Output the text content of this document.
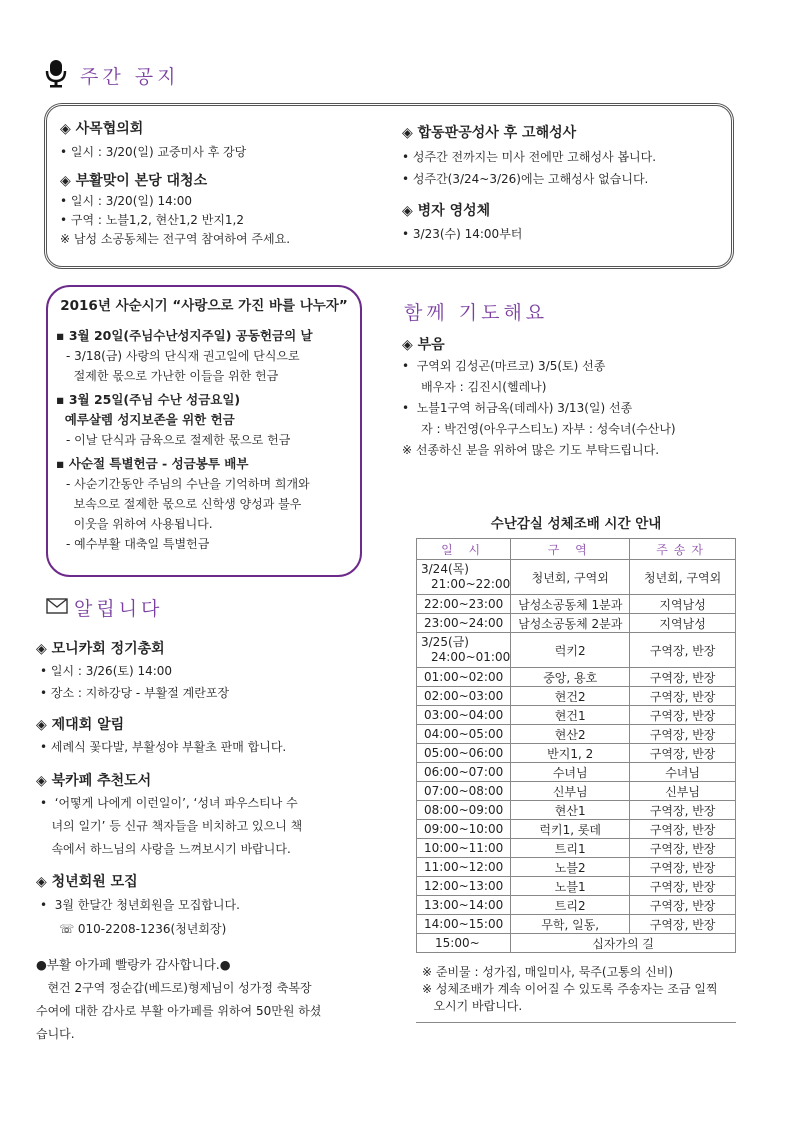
주간 공지
◈ 사목협의회
• 일시 : 3/20(일) 교중미사 후 강당
◈ 부활맞이 본당 대청소
• 일시 : 3/20(일) 14:00
• 구역 : 노블1,2, 현산1,2 반지1,2
※ 남성 소공동체는 전구역 참여하여 주세요.
◈ 합동판공성사 후 고해성사
• 성주간 전까지는 미사 전에만 고해성사 봅니다.
• 성주간(3/24~3/26)에는 고해성사 없습니다.
◈ 병자 영성체
• 3/23(수) 14:00부터
2016년 사순시기 “사랑으로 가진 바를 나누자”
▪ 3월 20일(주님수난성지주일) 공동헌금의 날
- 3/18(금) 사랑의 단식재 권고일에 단식으로
절제한 몫으로 가난한 이들을 위한 헌금
▪ 3월 25일(주님 수난 성금요일)
예루살렘 성지보존을 위한 헌금
- 이날 단식과 금육으로 절제한 몫으로 헌금
▪ 사순절 특별헌금 - 성금봉투 배부
- 사순기간동안 주님의 수난을 기억하며 희개와
보속으로 절제한 몫으로 신학생 양성과 불우
이웃을 위하여 사용됩니다.
- 예수부활 대축일 특별헌금
함께 기도해요
◈ 부음
•  구역외 김성곤(마르코) 3/5(토) 선종
배우자 : 김진시(헬레나)
•  노블1구역 허금옥(데레사) 3/13(일) 선종
자 : 박건영(아우구스티노) 자부 : 성숙녀(수산나)
※ 선종하신 분을 위하여 많은 기도 부탁드립니다.
알립니다
◈ 모니카회 정기총회
• 일시 : 3/26(토) 14:00
• 장소 : 지하강당 - 부활절 계란포장
◈ 제대회 알림
• 세례식 꽃다발, 부활성야 부활초 판매 합니다.
◈ 북카페 추천도서
•  ‘어떻게 나에게 이런일이’, ‘성녀 파우스티나 수
녀의 일기’ 등 신규 책자들을 비치하고 있으니 책
속에서 하느님의 사랑을 느껴보시기 바랍니다.
◈ 청년회원 모집
•  3월 한달간 청년회원을 모집합니다.
☏ 010-2208-1236(청년회장)
●부활 아가페 빨랑카 감사합니다.●
현건 2구역 정순갑(베드로)형제님이 성가정 축복장
수여에 대한 감사로 부활 아가페를 위하여 50만원 하셨
습니다.
수난감실 성체조배 시간 안내
일 시	구 역	주송자

3/24(목)
21:00~22:00	청년회, 구역외	청년회, 구역외
22:00~23:00	남성소공동체 1분과	지역남성
23:00~24:00	남성소공동체 2분과	지역남성

3/25(금)
24:00~01:00	럭키2	구역장, 반장
01:00~02:00	중앙, 용호	구역장, 반장
02:00~03:00	현건2	구역장, 반장
03:00~04:00	현건1	구역장, 반장
04:00~05:00	현산2	구역장, 반장
05:00~06:00	반지1, 2	구역장, 반장
06:00~07:00	수녀님	수녀님
07:00~08:00	신부님	신부님
08:00~09:00	현산1	구역장, 반장
09:00~10:00	럭키1, 롯데	구역장, 반장
10:00~11:00	트리1	구역장, 반장
11:00~12:00	노블2	구역장, 반장
12:00~13:00	노블1	구역장, 반장
13:00~14:00	트리2	구역장, 반장
14:00~15:00	무학, 일동,	구역장, 반장
15:00~	십자가의 길	
※ 준비물 : 성가집, 매일미사, 묵주(고통의 신비)
※ 성체조배가 계속 이어질 수 있도록 주송자는 조금 일찍
오시기 바랍니다.
